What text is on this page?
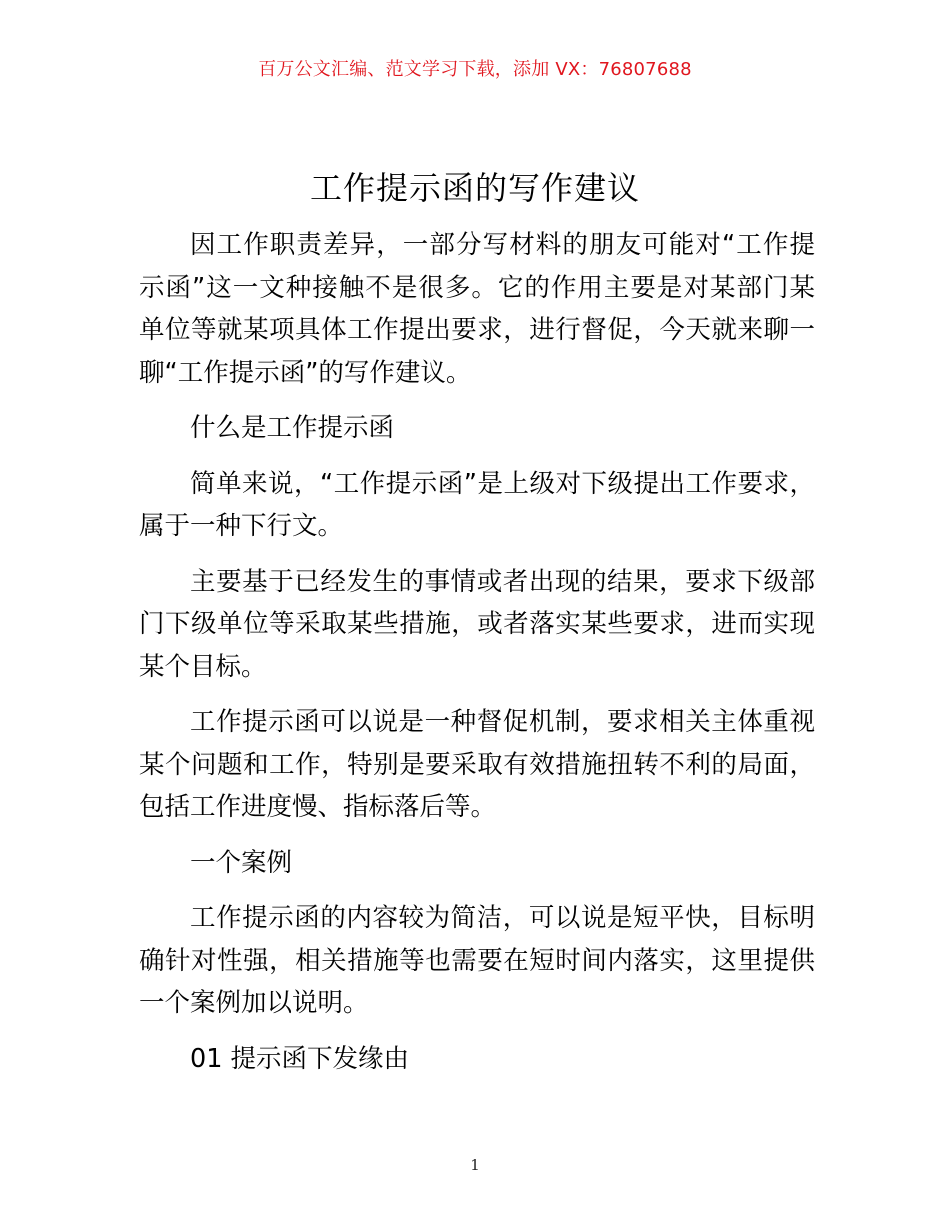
百万公文汇编、范文学习下载，添加 VX：76807688
工作提示函的写作建议

因工作职责差异，一部分写材料的朋友可能对“工作提示函”这一文种接触不是很多。它的作用主要是对某部门某单位等就某项具体工作提出要求，进行督促，今天就来聊一聊“工作提示函”的写作建议。

什么是工作提示函

简单来说，“工作提示函”是上级对下级提出工作要求，属于一种下行文。

主要基于已经发生的事情或者出现的结果，要求下级部门下级单位等采取某些措施，或者落实某些要求，进而实现某个目标。

工作提示函可以说是一种督促机制，要求相关主体重视某个问题和工作，特别是要采取有效措施扭转不利的局面，包括工作进度慢、指标落后等。

一个案例

工作提示函的内容较为简洁，可以说是短平快，目标明确针对性强，相关措施等也需要在短时间内落实，这里提供一个案例加以说明。

01 提示函下发缘由

1
